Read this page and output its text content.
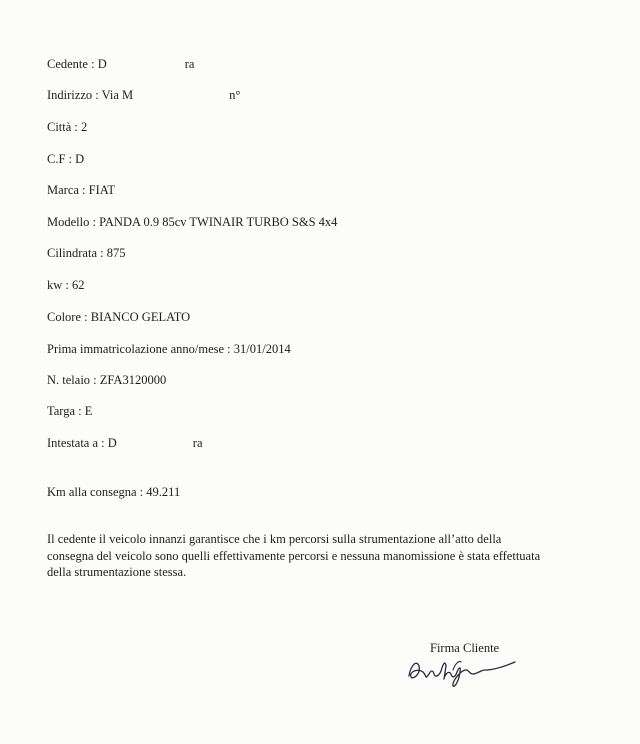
Cedente : D	ra
Indirizzo : Via M	n°
Città : 2
C.F : D
Marca : FIAT
Modello : PANDA 0.9 85cv TWINAIR TURBO S&S 4x4
Cilindrata : 875
kw : 62
Colore : BIANCO GELATO
Prima immatricolazione anno/mese : 31/01/2014
N. telaio : ZFA3120000
Targa : E
Intestata a : D	ra
Km alla consegna : 49.211
Il cedente il veicolo innanzi garantisce che i km percorsi sulla strumentazione all’atto della
consegna del veicolo sono quelli effettivamente percorsi e nessuna manomissione è stata effettuata
della strumentazione stessa.
Firma Cliente
